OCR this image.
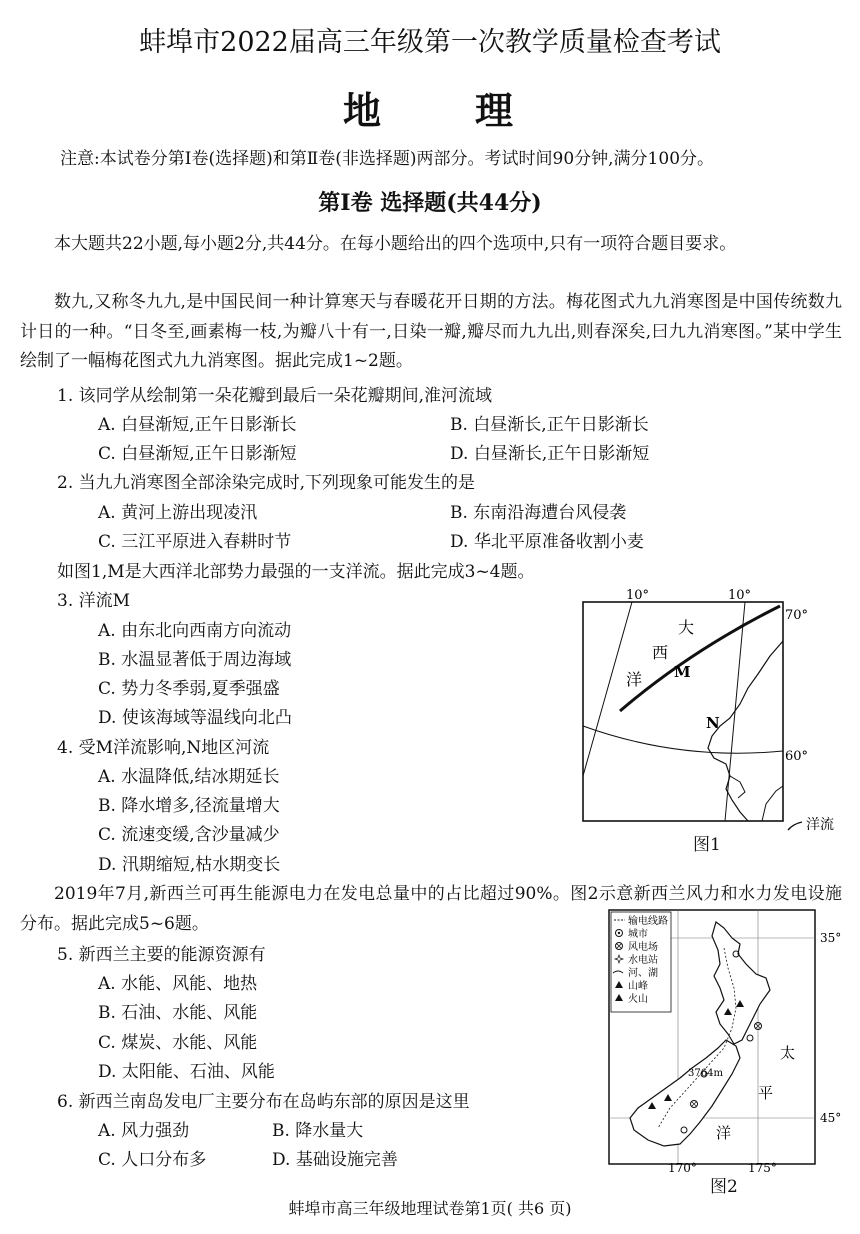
蚌埠市2022届高三年级第一次教学质量检查考试
地 理
注意:本试卷分第Ⅰ卷(选择题)和第Ⅱ卷(非选择题)两部分。考试时间90分钟,满分100分。
第Ⅰ卷 选择题(共44分)
本大题共22小题,每小题2分,共44分。在每小题给出的四个选项中,只有一项符合题目要求。
数九,又称冬九九,是中国民间一种计算寒天与春暖花开日期的方法。梅花图式九九消寒图是中国传统数九计日的一种。“日冬至,画素梅一枝,为瓣八十有一,日染一瓣,瓣尽而九九出,则春深矣,曰九九消寒图。”某中学生绘制了一幅梅花图式九九消寒图。据此完成1~2题。
1. 该同学从绘制第一朵花瓣到最后一朵花瓣期间,淮河流域
A. 白昼渐短,正午日影渐长	B. 白昼渐长,正午日影渐长
C. 白昼渐短,正午日影渐短	D. 白昼渐长,正午日影渐短
2. 当九九消寒图全部涂染完成时,下列现象可能发生的是
A. 黄河上游出现凌汛	B. 东南沿海遭台风侵袭
C. 三江平原进入春耕时节	D. 华北平原准备收割小麦
如图1,M是大西洋北部势力最强的一支洋流。据此完成3~4题。
3. 洋流M
A. 由东北向西南方向流动
B. 水温显著低于周边海域
C. 势力冬季弱,夏季强盛
D. 使该海域等温线向北凸
4. 受M洋流影响,N地区河流
A. 水温降低,结冰期延长
B. 降水增多,径流量增大
C. 流速变缓,含沙量减少
D. 汛期缩短,枯水期变长
10°	10°
70°
60°
大
西
洋 M
N
洋流
图1
2019年7月,新西兰可再生能源电力在发电总量中的占比超过90%。图2示意新西兰风力和水力发电设施分布。据此完成5~6题。
5. 新西兰主要的能源资源有
A. 水能、风能、地热
B. 石油、水能、风能
C. 煤炭、水能、风能
D. 太阳能、石油、风能
6. 新西兰南岛发电厂主要分布在岛屿东部的原因是这里
A. 风力强劲	B. 降水量大
C. 人口分布多	D. 基础设施完善
输电线路
城市
风电场
水电站
河、湖
山峰
火山
3764m
35°
45°
170°	175°
太
平
洋
图2
蚌埠市高三年级地理试卷第1页( 共6 页)
